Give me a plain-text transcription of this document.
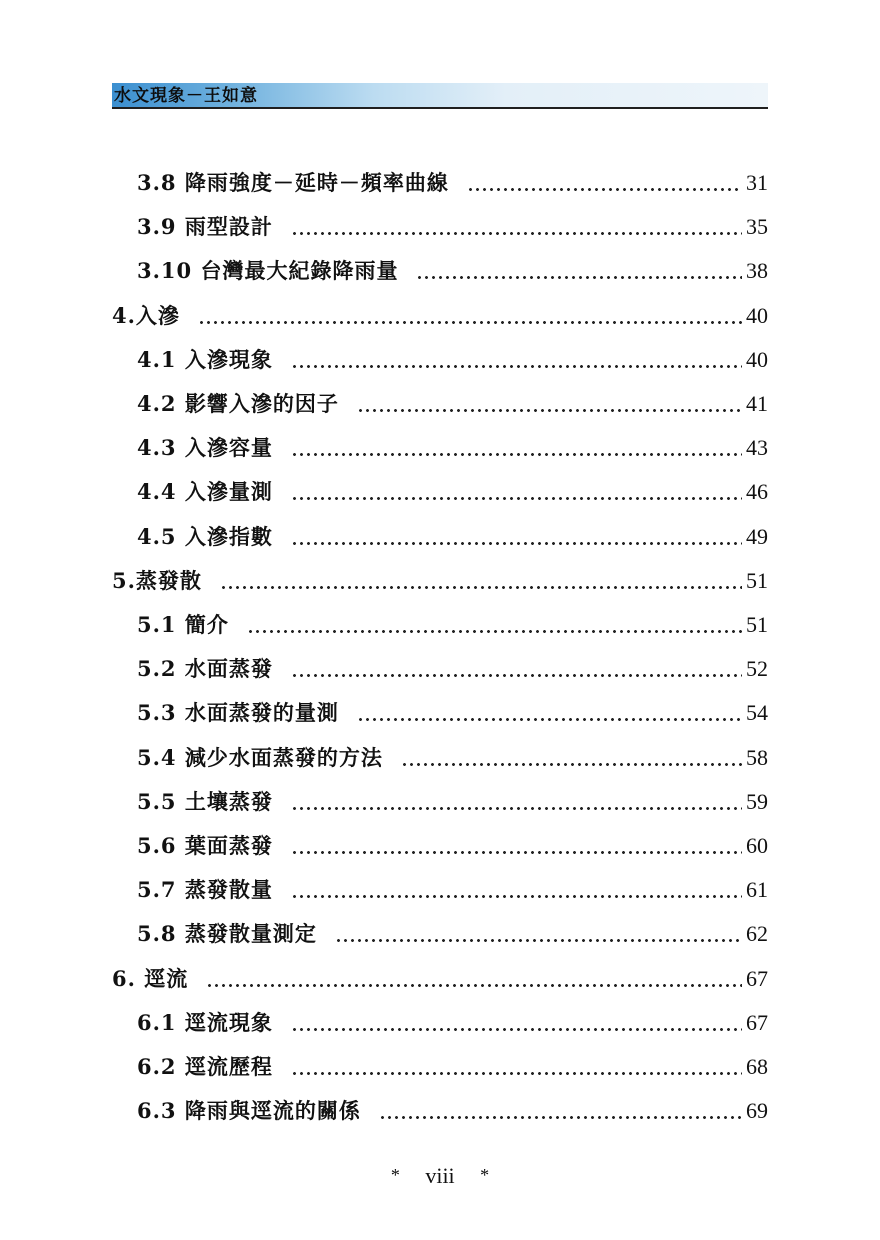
水文現象－王如意
3.8 降雨強度－延時－頻率曲線	31
3.9 雨型設計	35
3.10 台灣最大紀錄降雨量	38
4.入滲	40
4.1 入滲現象	40
4.2 影響入滲的因子	41
4.3 入滲容量	43
4.4 入滲量測	46
4.5 入滲指數	49
5.蒸發散	51
5.1 簡介	51
5.2 水面蒸發	52
5.3 水面蒸發的量測	54
5.4 減少水面蒸發的方法	58
5.5 土壤蒸發	59
5.6 葉面蒸發	60
5.7 蒸發散量	61
5.8 蒸發散量測定	62
6. 逕流	67
6.1 逕流現象	67
6.2 逕流歷程	68
6.3 降雨與逕流的關係	69
* viii *
